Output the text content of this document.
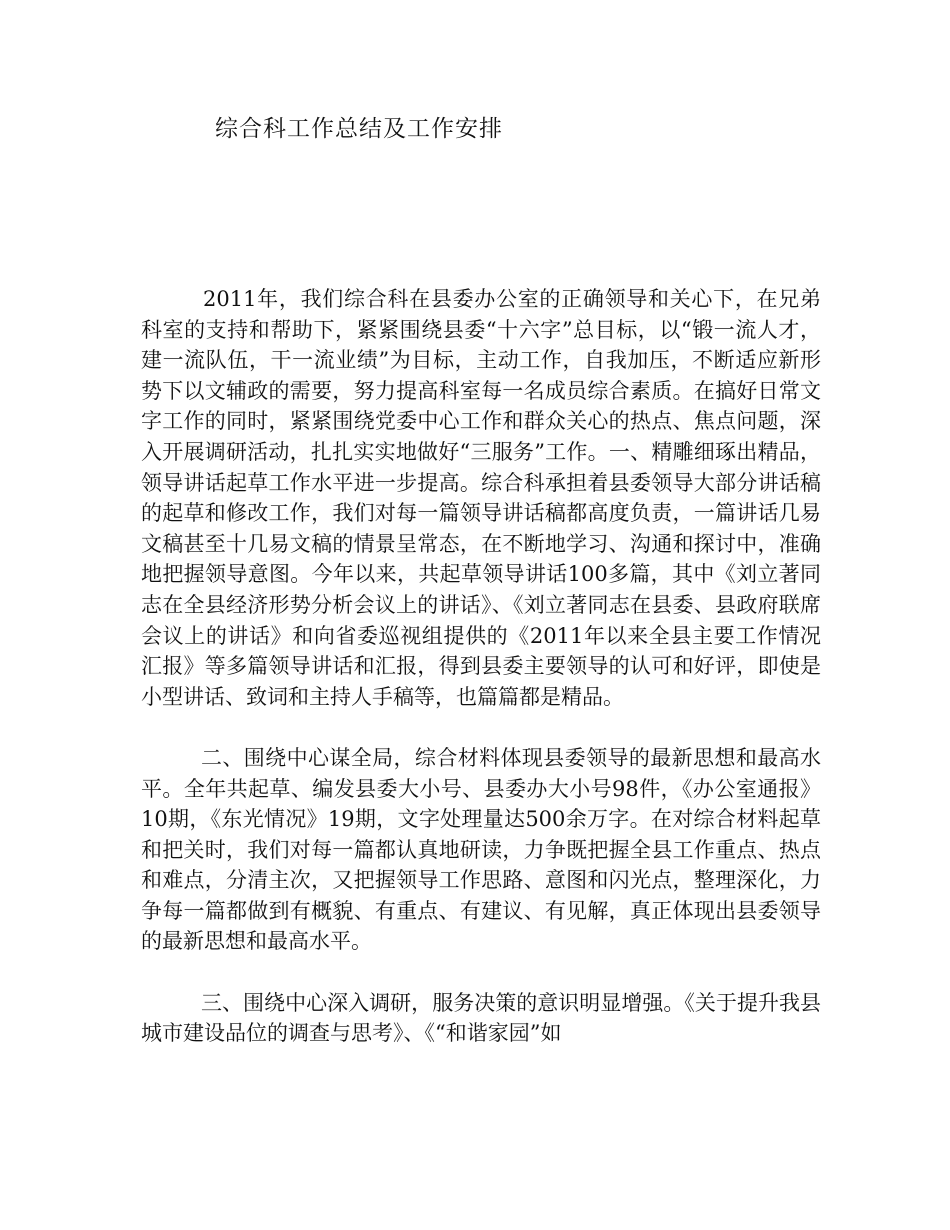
综合科工作总结及工作安排

2011年，我们综合科在县委办公室的正确领导和关心下，在兄弟科室的支持和帮助下，紧紧围绕县委“十六字”总目标，以“锻一流人才，建一流队伍，干一流业绩”为目标，主动工作，自我加压，不断适应新形势下以文辅政的需要，努力提高科室每一名成员综合素质。在搞好日常文字工作的同时，紧紧围绕党委中心工作和群众关心的热点、焦点问题，深入开展调研活动，扎扎实实地做好“三服务”工作。一、精雕细琢出精品，领导讲话起草工作水平进一步提高。综合科承担着县委领导大部分讲话稿的起草和修改工作，我们对每一篇领导讲话稿都高度负责，一篇讲话几易文稿甚至十几易文稿的情景呈常态，在不断地学习、沟通和探讨中，准确地把握领导意图。今年以来，共起草领导讲话100多篇，其中《刘立著同志在全县经济形势分析会议上的讲话》、《刘立著同志在县委、县政府联席会议上的讲话》和向省委巡视组提供的《2011年以来全县主要工作情况汇报》等多篇领导讲话和汇报，得到县委主要领导的认可和好评，即使是小型讲话、致词和主持人手稿等，也篇篇都是精品。

二、围绕中心谋全局，综合材料体现县委领导的最新思想和最高水平。全年共起草、编发县委大小号、县委办大小号98件，《办公室通报》10期，《东光情况》19期，文字处理量达500余万字。在对综合材料起草和把关时，我们对每一篇都认真地研读，力争既把握全县工作重点、热点和难点，分清主次，又把握领导工作思路、意图和闪光点，整理深化，力争每一篇都做到有概貌、有重点、有建议、有见解，真正体现出县委领导的最新思想和最高水平。

三、围绕中心深入调研，服务决策的意识明显增强。《关于提升我县城市建设品位的调查与思考》、《“和谐家园”如
